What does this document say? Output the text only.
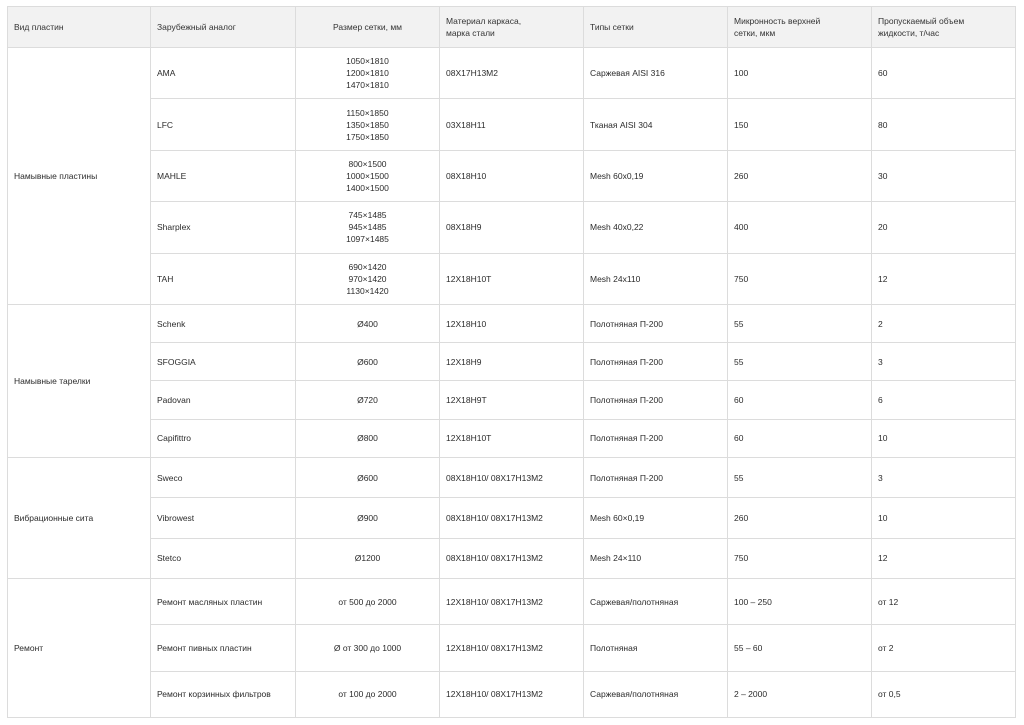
Вид пластин	Зарубежный аналог	Размер сетки, мм	Материал каркаса,
марка стали	Типы сетки	Микронность верхней
сетки, мкм	Пропускаемый объем
жидкости, т/час
Намывные пластины	AMA	1050×1810
1200×1810
1470×1810	08Х17Н13М2	Саржевая AISI 316	100	60
	LFC	1150×1850
1350×1850
1750×1850	03Х18Н11	Тканая AISI 304	150	80
	MAHLE	800×1500
1000×1500
1400×1500	08Х18Н10	Mesh 60х0,19	260	30
	Sharplex	745×1485
945×1485
1097×1485	08Х18Н9	Mesh 40х0,22	400	20
	TAH	690×1420
970×1420
1130×1420	12Х18Н10Т	Mesh 24х110	750	12
Намывные тарелки	Schenk	Ø400	12Х18Н10	Полотняная П-200	55	2
	SFOGGIA	Ø600	12Х18Н9	Полотняная П-200	55	3
	Padovan	Ø720	12Х18Н9Т	Полотняная П-200	60	6
	Capifittro	Ø800	12Х18Н10Т	Полотняная П-200	60	10
Вибрационные сита	Sweco	Ø600	08Х18Н10/ 08Х17Н13М2	Полотняная П-200	55	3
	Vibrowest	Ø900	08Х18Н10/ 08Х17Н13М2	Mesh 60×0,19	260	10
	Stetco	Ø1200	08Х18Н10/ 08Х17Н13М2	Mesh 24×110	750	12
Ремонт	Ремонт масляных пластин	от 500 до 2000	12Х18Н10/ 08Х17Н13М2	Саржевая/полотняная	100 – 250	от 12
	Ремонт пивных пластин	Ø от 300 до 1000	12Х18Н10/ 08Х17Н13М2	Полотняная	55 – 60	от 2
	Ремонт корзинных фильтров	от 100 до 2000	12Х18Н10/ 08Х17Н13М2	Саржевая/полотняная	2 – 2000	от 0,5
